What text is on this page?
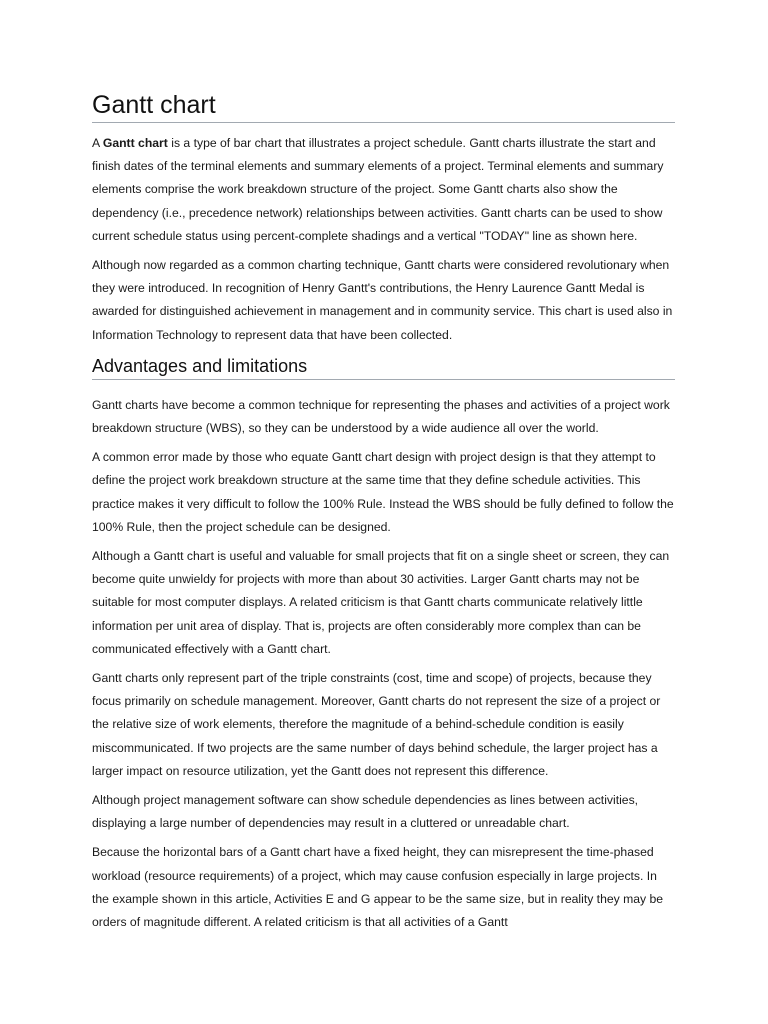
Gantt chart

A Gantt chart is a type of bar chart that illustrates a project schedule. Gantt charts illustrate the start and finish dates of the terminal elements and summary elements of a project. Terminal elements and summary elements comprise the work breakdown structure of the project. Some Gantt charts also show the dependency (i.e., precedence network) relationships between activities. Gantt charts can be used to show current schedule status using percent-complete shadings and a vertical "TODAY" line as shown here.

Although now regarded as a common charting technique, Gantt charts were considered revolutionary when they were introduced. In recognition of Henry Gantt's contributions, the Henry Laurence Gantt Medal is awarded for distinguished achievement in management and in community service. This chart is used also in Information Technology to represent data that have been collected.

Advantages and limitations

Gantt charts have become a common technique for representing the phases and activities of a project work breakdown structure (WBS), so they can be understood by a wide audience all over the world.

A common error made by those who equate Gantt chart design with project design is that they attempt to define the project work breakdown structure at the same time that they define schedule activities. This practice makes it very difficult to follow the 100% Rule. Instead the WBS should be fully defined to follow the 100% Rule, then the project schedule can be designed.

Although a Gantt chart is useful and valuable for small projects that fit on a single sheet or screen, they can become quite unwieldy for projects with more than about 30 activities. Larger Gantt charts may not be suitable for most computer displays. A related criticism is that Gantt charts communicate relatively little information per unit area of display. That is, projects are often considerably more complex than can be communicated effectively with a Gantt chart.

Gantt charts only represent part of the triple constraints (cost, time and scope) of projects, because they focus primarily on schedule management. Moreover, Gantt charts do not represent the size of a project or the relative size of work elements, therefore the magnitude of a behind-schedule condition is easily miscommunicated. If two projects are the same number of days behind schedule, the larger project has a larger impact on resource utilization, yet the Gantt does not represent this difference.

Although project management software can show schedule dependencies as lines between activities, displaying a large number of dependencies may result in a cluttered or unreadable chart.

Because the horizontal bars of a Gantt chart have a fixed height, they can misrepresent the time-phased workload (resource requirements) of a project, which may cause confusion especially in large projects. In the example shown in this article, Activities E and G appear to be the same size, but in reality they may be orders of magnitude different. A related criticism is that all activities of a Gantt
